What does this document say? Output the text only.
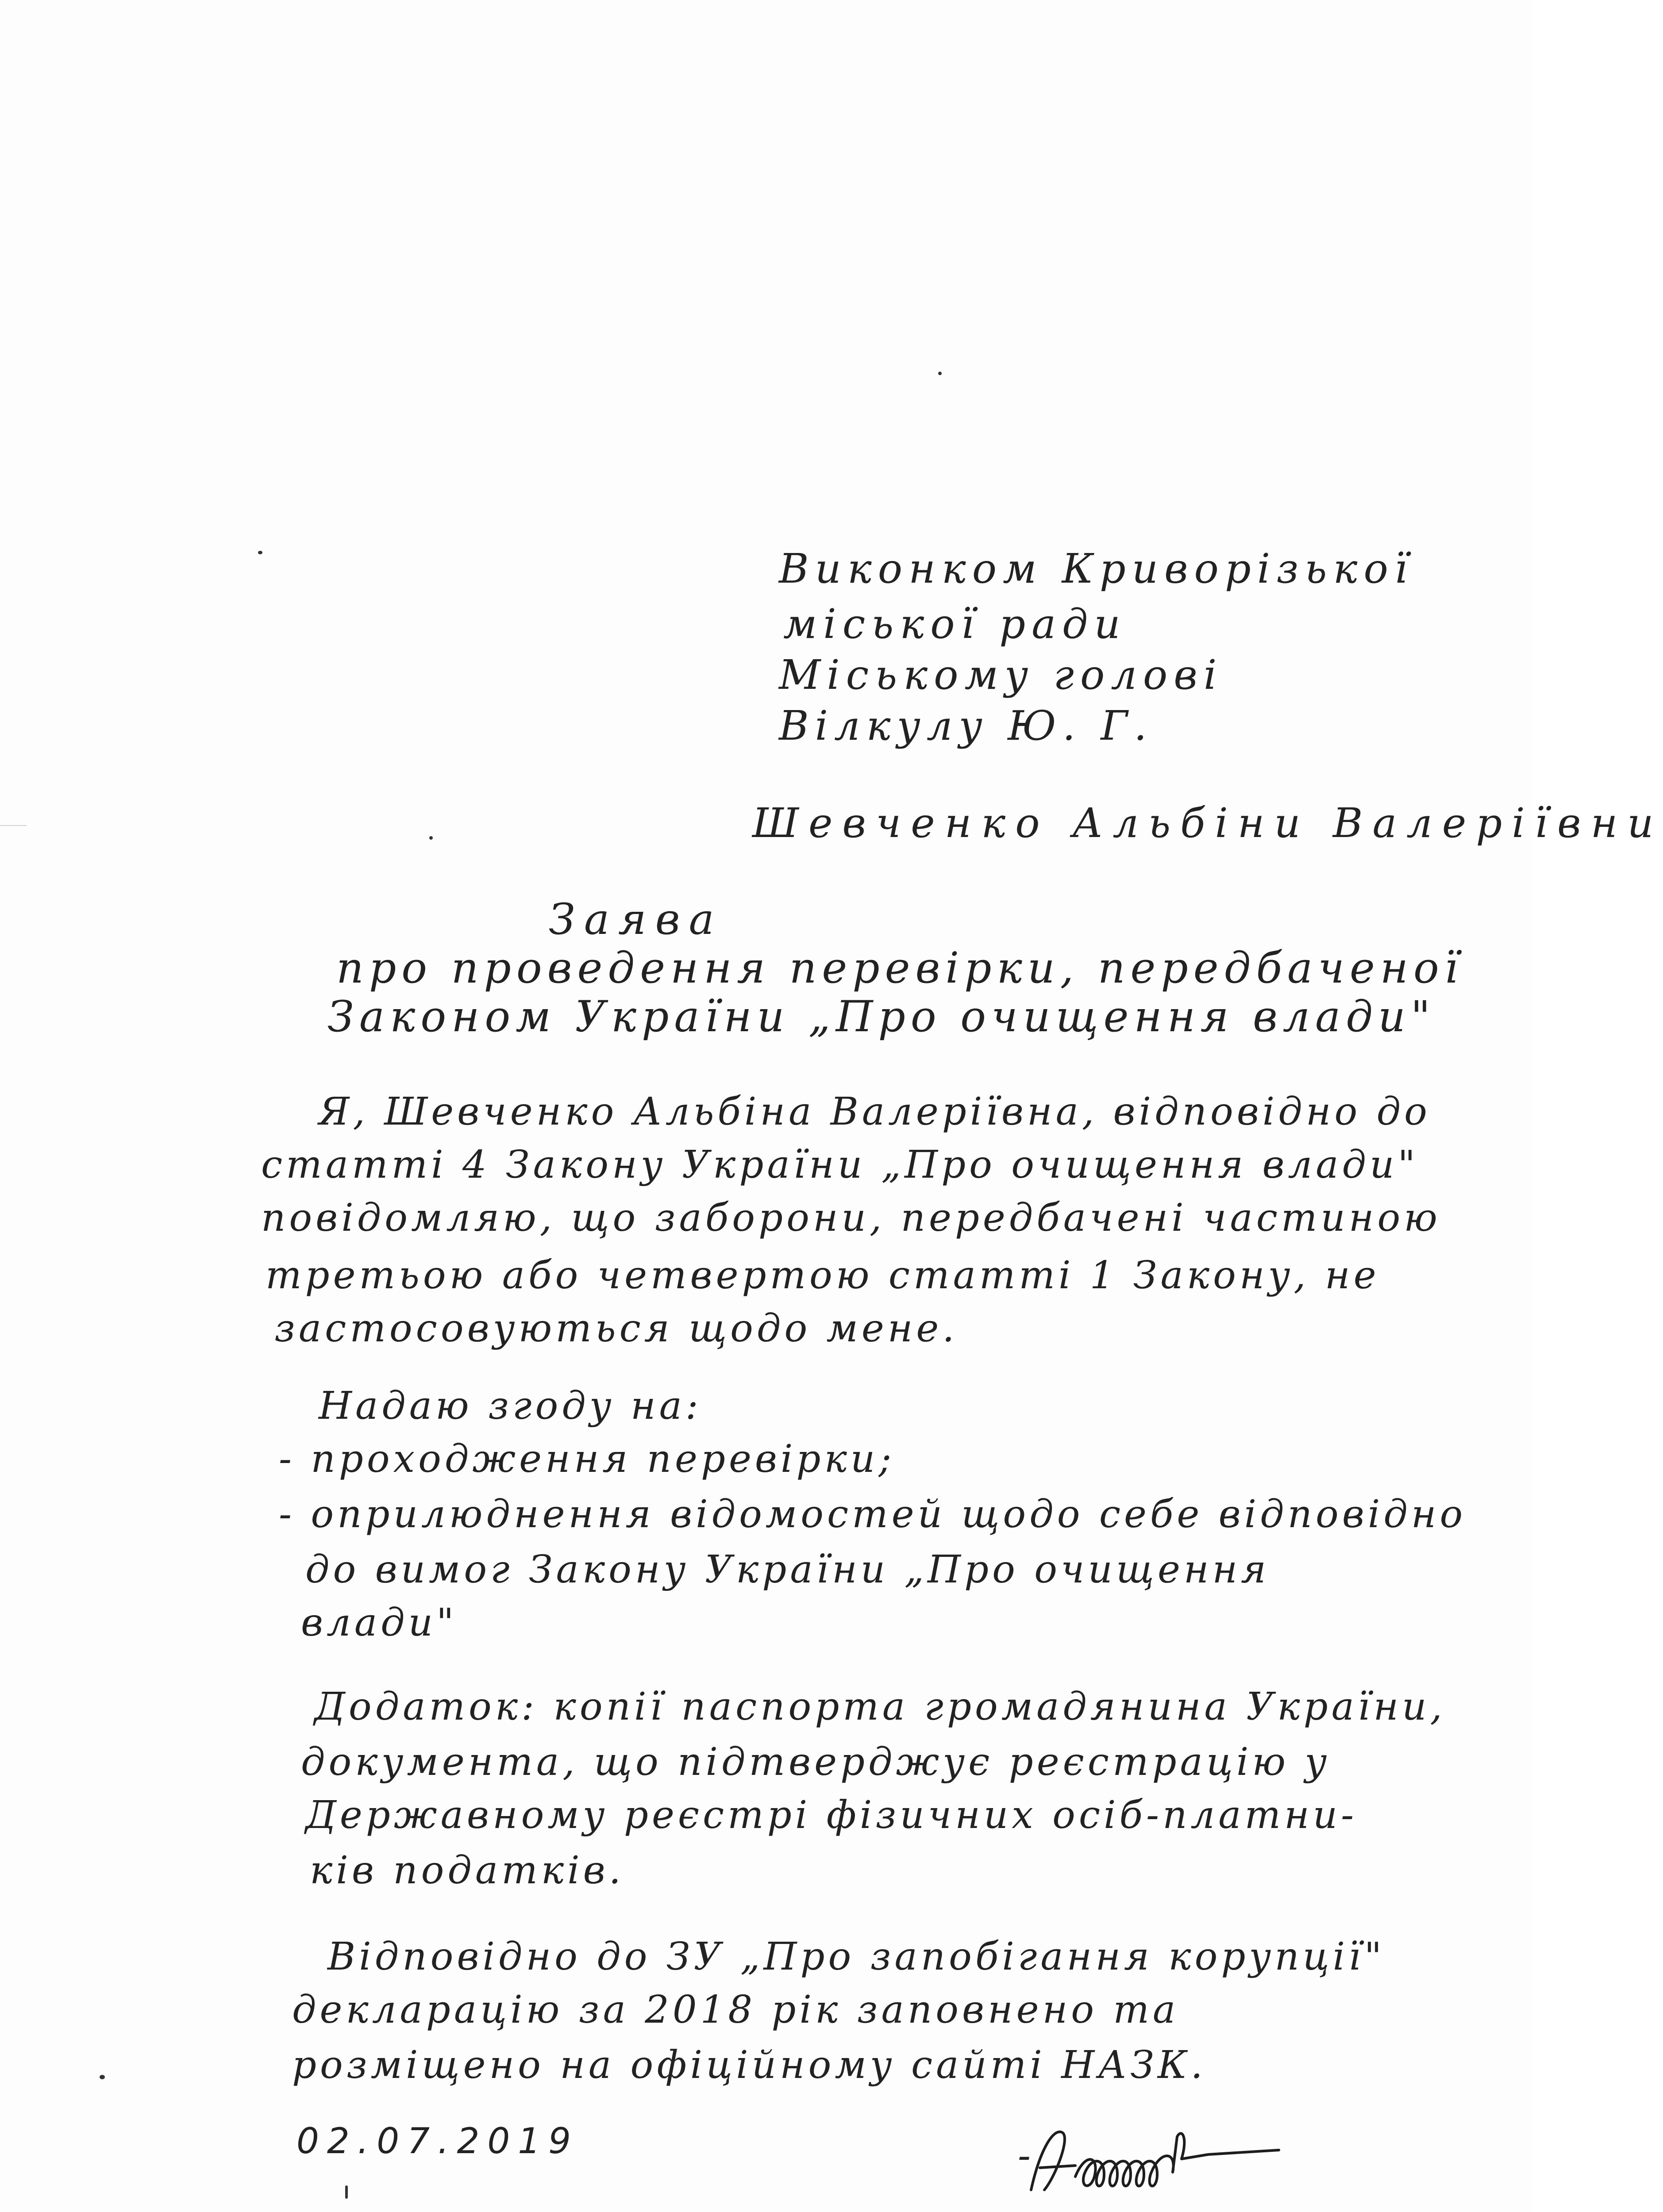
Виконком Криворізької
міської ради
Міському голові
Вілкулу Ю. Г.
Шевченко Альбіни Валеріївни
Заява
про проведення перевірки, передбаченої
Законом України „Про очищення влади"
Я, Шевченко Альбіна Валеріївна, відповідно до
статті 4 Закону України „Про очищення влади"
повідомляю, що заборони, передбачені частиною
третьою або четвертою статті 1 Закону, не
застосовуються щодо мене.
Надаю згоду на:
- проходження перевірки;
- оприлюднення відомостей щодо себе відповідно
до вимог Закону України „Про очищення
влади"
Додаток: копії паспорта громадянина України,
документа, що підтверджує реєстрацію у
Державному реєстрі фізичних осіб-платни-
ків податків.
Відповідно до ЗУ „Про запобігання корупції"
декларацію за 2018 рік заповнено та
розміщено на офіційному сайті НАЗК.
02.07.2019	-
